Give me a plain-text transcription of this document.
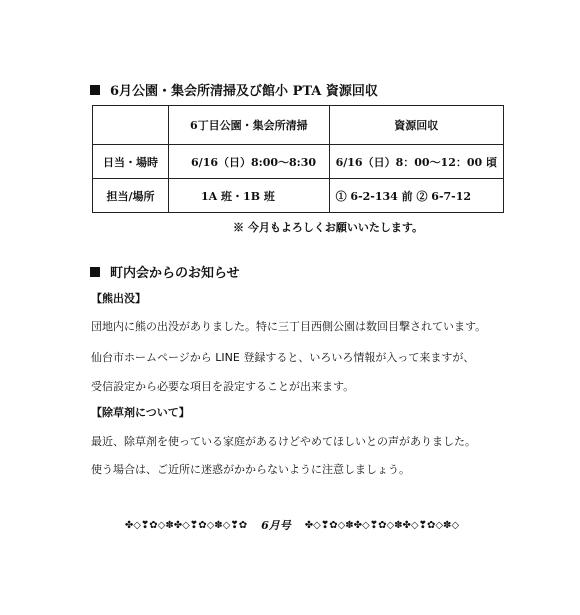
6月公園・集会所清掃及び館小 PTA 資源回収
	6丁目公園・集会所清掃	資源回収
日当・場時	6/16（日）8:00～8:30	6/16（日）8：00～12：00 頃
担当/場所	1A 班・1B 班	① 6-2-134 前 ② 6-7-12
※ 今月もよろしくお願いいたします。
町内会からのお知らせ
【熊出没】
団地内に熊の出没がありました。特に三丁目西側公園は数回目撃されています。
仙台市ホームページから LINE 登録すると、いろいろ情報が入って来ますが、
受信設定から必要な項目を設定することが出来ます。
【除草剤について】
最近、除草剤を使っている家庭があるけどやめてほしいとの声がありました。
使う場合は、ご近所に迷惑がかからないように注意しましょう。
✤◇❣✿◇✽✤◇❣✿◇✽◇❣✿ 6月号 ✤◇❣✿◇✽✤◇❣✿◇✽✤◇❣✿◇✽◇
